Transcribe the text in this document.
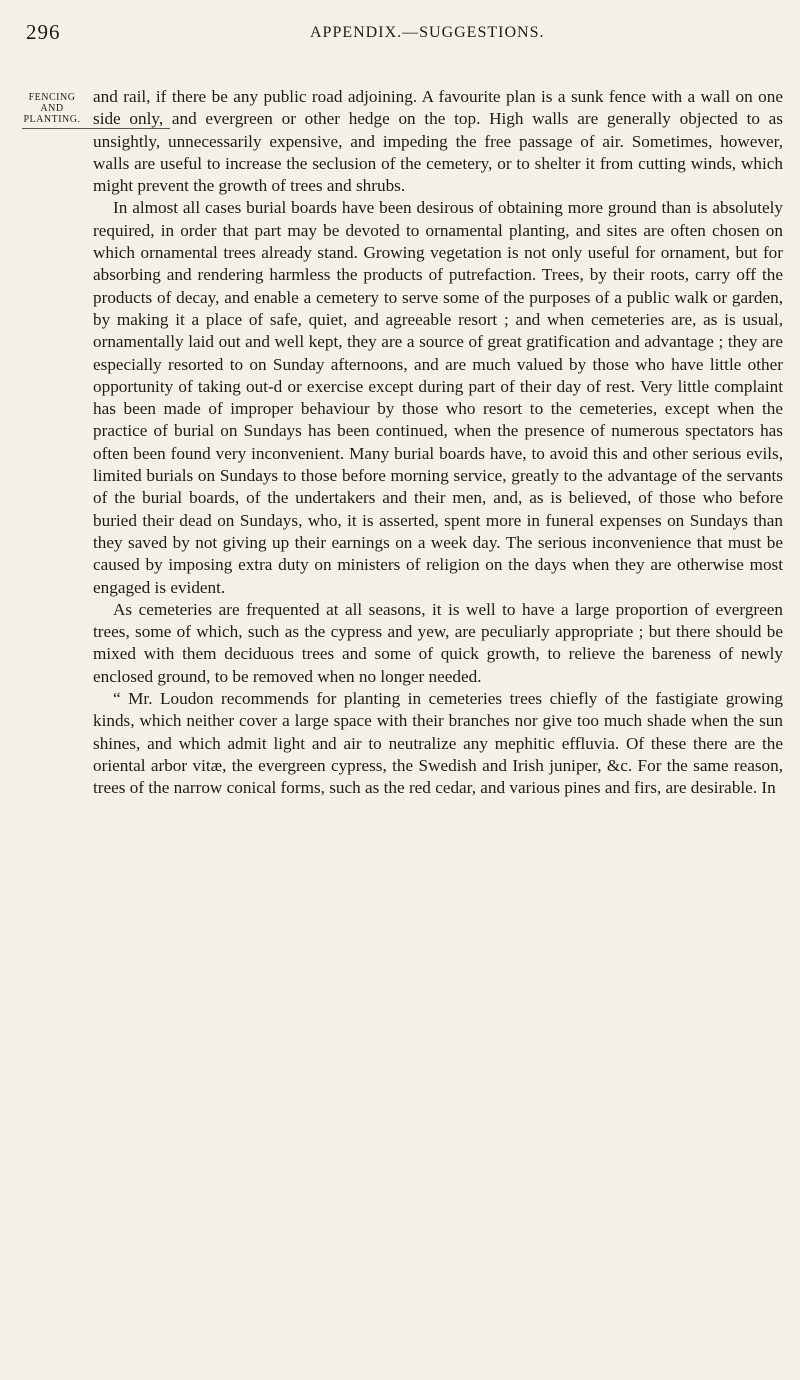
296	APPENDIX.—SUGGESTIONS.
FENCING
AND
PLANTING.

and rail, if there be any public road adjoining. A favourite plan is a sunk fence with a wall on one side only, and evergreen or other hedge on the top. High walls are generally objected to as unsightly, unnecessarily expensive, and impeding the free passage of air. Sometimes, however, walls are useful to increase the seclusion of the cemetery, or to shelter it from cutting winds, which might prevent the growth of trees and shrubs.

In almost all cases burial boards have been desirous of obtaining more ground than is absolutely required, in order that part may be devoted to ornamental planting, and sites are often chosen on which ornamental trees already stand. Growing vegetation is not only useful for ornament, but for absorbing and rendering harmless the products of putrefaction. Trees, by their roots, carry off the products of decay, and enable a cemetery to serve some of the purposes of a public walk or garden, by making it a place of safe, quiet, and agreeable resort ; and when cemeteries are, as is usual, ornamentally laid out and well kept, they are a source of great gratification and advantage ; they are especially resorted to on Sunday afternoons, and are much valued by those who have little other opportunity of taking out-d or exercise except during part of their day of rest. Very little complaint has been made of improper behaviour by those who resort to the cemeteries, except when the practice of burial on Sundays has been continued, when the presence of numerous spectators has often been found very inconvenient. Many burial boards have, to avoid this and other serious evils, limited burials on Sundays to those before morning service, greatly to the advantage of the servants of the burial boards, of the undertakers and their men, and, as is believed, of those who before buried their dead on Sundays, who, it is asserted, spent more in funeral expenses on Sundays than they saved by not giving up their earnings on a week day. The serious inconvenience that must be caused by imposing extra duty on ministers of religion on the days when they are otherwise most engaged is evident.

As cemeteries are frequented at all seasons, it is well to have a large proportion of evergreen trees, some of which, such as the cypress and yew, are peculiarly appropriate ; but there should be mixed with them deciduous trees and some of quick growth, to relieve the bareness of newly enclosed ground, to be removed when no longer needed.

“ Mr. Loudon recommends for planting in cemeteries trees chiefly of the fastigiate growing kinds, which neither cover a large space with their branches nor give too much shade when the sun shines, and which admit light and air to neutralize any mephitic effluvia. Of these there are the oriental arbor vitæ, the evergreen cypress, the Swedish and Irish juniper, &c. For the same reason, trees of the narrow conical forms, such as the red cedar, and various pines and firs, are desirable. In
